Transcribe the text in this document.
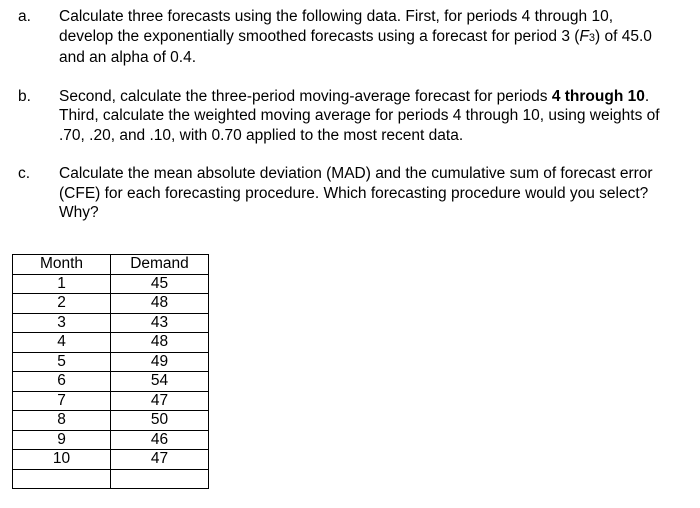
a.	Calculate three forecasts using the following data. First, for periods 4 through 10, develop the exponentially smoothed forecasts using a forecast for period 3 (F3) of 45.0 and an alpha of 0.4.
b.	Second, calculate the three-period moving-average forecast for periods 4 through 10. Third, calculate the weighted moving average for periods 4 through 10, using weights of .70, .20, and .10, with 0.70 applied to the most recent data.
c.	Calculate the mean absolute deviation (MAD) and the cumulative sum of forecast error (CFE) for each forecasting procedure. Which forecasting procedure would you select? Why?
Month	Demand
1	45
2	48
3	43
4	48
5	49
6	54
7	47
8	50
9	46
10	47
